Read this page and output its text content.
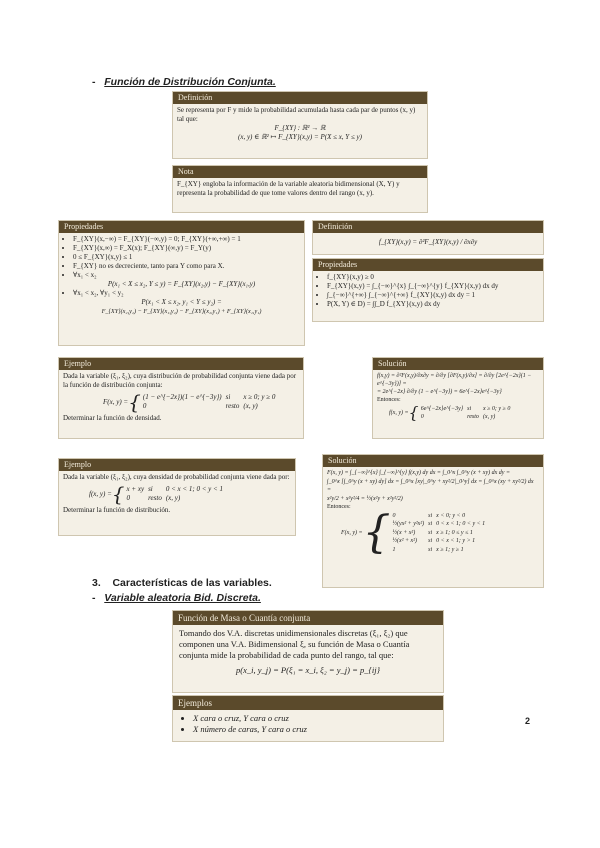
- Función de Distribución Conjunta.
Definición
Se representa por F y mide la probabilidad acumulada hasta cada par de puntos (x, y) tal que:
F_{XY} : ℝ² → ℝ
(x, y) ∈ ℝ² ↦ F_{XY}(x,y) = P(X ≤ x, Y ≤ y)
Nota
F_{XY} engloba la información de la variable aleatoria bidimensional (X, Y) y representa la probabilidad de que tome valores dentro del rango (x, y).
Propiedades
• F_{XY}(x,−∞) = F_{XY}(−∞,y) = 0; F_{XY}(+∞,+∞) = 1
• F_{XY}(x,∞) = F_X(x); F_{XY}(∞,y) = F_Y(y)
• 0 ≤ F_{XY}(x,y) ≤ 1
• F_{XY} no es decreciente, tanto para Y como para X.
• ∀x₁ < x₂
P(x₁ < X ≤ x₂, Y ≤ y) = F_{XY}(x₂,y) − F_{XY}(x₁,y)
• ∀x₁ < x₂, ∀y₁ < y₂
P(x₁ < X ≤ x₂, y₁ < Y ≤ y₂) =
F_{XY}(x₂,y₂) − F_{XY}(x₁,y₂) − F_{XY}(x₂,y₁) + F_{XY}(x₁,y₁)
Definición
f_{XY}(x,y) = ∂²F_{XY}(x,y) / ∂x∂y
Propiedades
• f_{XY}(x,y) ≥ 0
• F_{XY}(x,y) = ∫_{−∞}^{x} ∫_{−∞}^{y} f_{XY}(x,y) dx dy
• ∫_{−∞}^{+∞} ∫_{−∞}^{+∞} f_{XY}(x,y) dx dy = 1
• P(X, Y) ∈ D) = ∫∫_D f_{XY}(x,y) dx dy
Ejemplo
Dada la variable (ξ₁, ξ₂), cuya distribución de probabilidad conjunta viene dada por la función de distribución conjunta:
F(x, y) = { (1 − e^{−2x})(1 − e^{−3y})	si	x ≥ 0; y ≥ 0
0	resto	(x, y)
Determinar la función de densidad.
Solución
f(x,y) = ∂²F(x,y)/∂x∂y = ∂/∂y [∂F(x,y)/∂x] = ∂/∂y [2e^{−2x}(1 − e^{−3y})] =
= 2e^{−2x} ∂/∂y (1 − e^{−3y}) = 6e^{−2x}e^{−3y}
Entonces:
f(x, y) = { 6e^{−2x}e^{−3y}	si	x ≥ 0; y ≥ 0
0	resto	(x, y)
Ejemplo
Dada la variable (ξ₁, ξ₂), cuya densidad de probabilidad conjunta viene dada por:
f(x, y) = { x + xy	si	0 < x < 1; 0 < y < 1
0	resto	(x, y)
Determinar la función de distribución.
Solución
F(x, y) = ∫_{−∞}^{x} ∫_{−∞}^{y} f(x,y) dy dx = ∫_0^x ∫_0^y (x + xy) dx dy =
∫_0^x [∫_0^y (x + xy) dy] dx = ∫_0^x [xy|_0^y + xy²/2|_0^y] dx = ∫_0^x (xy + xy²/2) dx =
x²y/2 + x²y²/4 = ½(x²y + x²y²/2)
Entonces:
F(x, y) = { 0	si	x < 0; y < 0
½(yx² + y²x²)	si	0 < x < 1; 0 < y < 1
½(x + x²)	si	x ≥ 1; 0 ≤ y ≤ 1
½(x² + x²)	si	0 < x < 1; y > 1
1	si	x ≥ 1; y ≥ 1
3. Características de las variables.
- Variable aleatoria Bid. Discreta.
Función de Masa o Cuantía conjunta
Tomando dos V.A. discretas unidimensionales discretas (ξ₁, ξ₂) que componen una V.A. Bidimensional ξ, su función de Masa o Cuantía conjunta mide la probabilidad de cada punto del rango, tal que:
p(x_i, y_j) = P(ξ₁ = x_i, ξ₂ = y_j) = p_{ij}
Ejemplos
• X cara o cruz, Y cara o cruz
• X número de caras, Y cara o cruz
2
